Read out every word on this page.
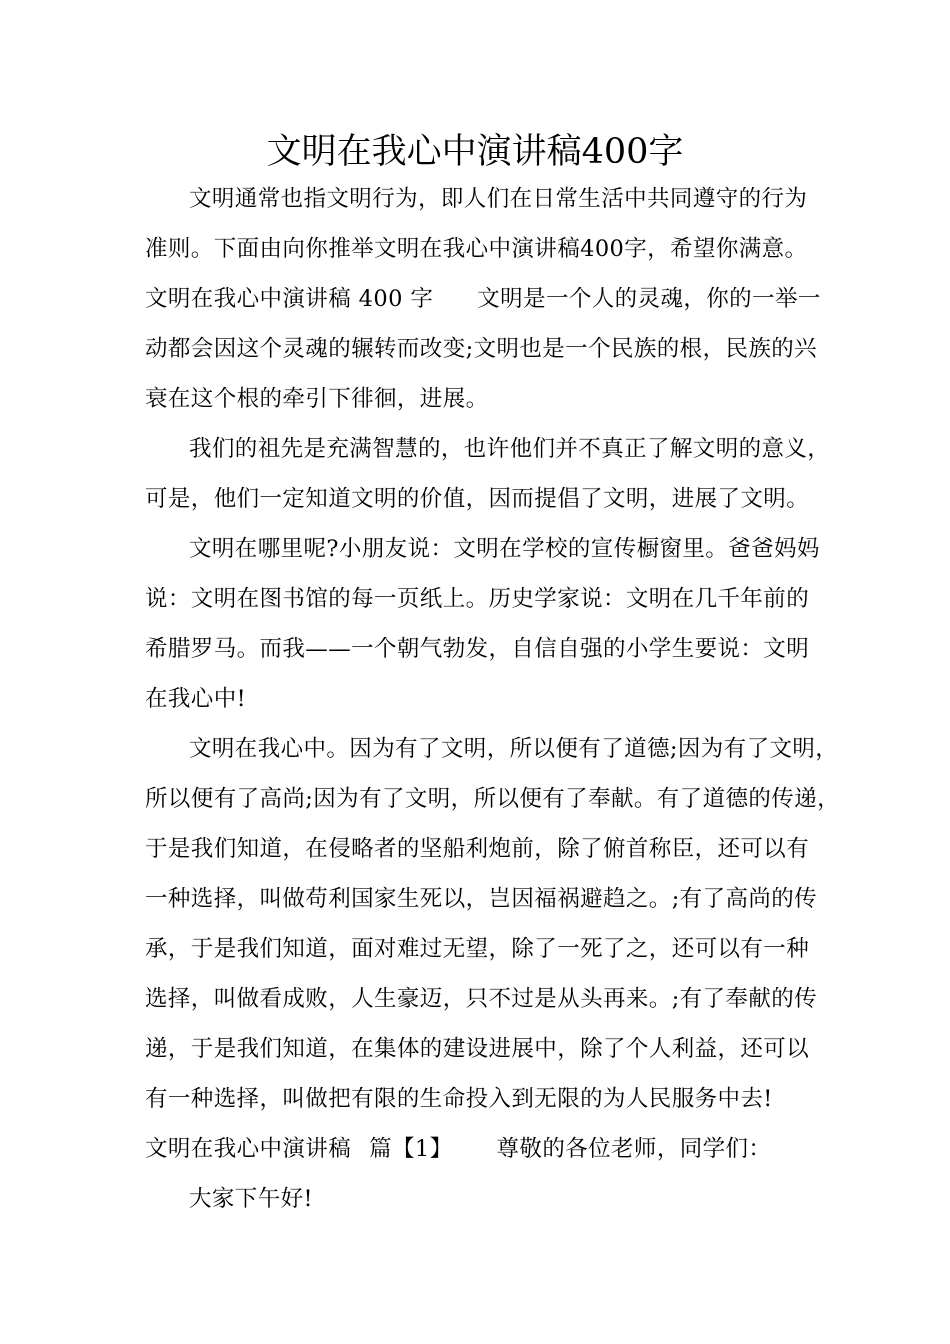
文明在我心中演讲稿400字
文明通常也指文明行为，即人们在日常生活中共同遵守的行为
准则。下面由向你推举文明在我心中演讲稿400字，希望你满意。
文明在我心中演讲稿 400 字 文明是一个人的灵魂，你的一举一
动都会因这个灵魂的辗转而改变;文明也是一个民族的根，民族的兴
衰在这个根的牵引下徘徊，进展。
我们的祖先是充满智慧的，也许他们并不真正了解文明的意义，
可是，他们一定知道文明的价值，因而提倡了文明，进展了文明。
文明在哪里呢?小朋友说：文明在学校的宣传橱窗里。爸爸妈妈
说：文明在图书馆的每一页纸上。历史学家说：文明在几千年前的
希腊罗马。而我——一个朝气勃发，自信自强的小学生要说：文明
在我心中!
文明在我心中。因为有了文明，所以便有了道德;因为有了文明，
所以便有了高尚;因为有了文明，所以便有了奉献。有了道德的传递，
于是我们知道，在侵略者的坚船利炮前，除了俯首称臣，还可以有
一种选择，叫做苟利国家生死以，岂因福祸避趋之。;有了高尚的传
承，于是我们知道，面对难过无望，除了一死了之，还可以有一种
选择，叫做看成败，人生豪迈，只不过是从头再来。;有了奉献的传
递，于是我们知道，在集体的建设进展中，除了个人利益，还可以
有一种选择，叫做把有限的生命投入到无限的为人民服务中去!
文明在我心中演讲稿 篇【1】 尊敬的各位老师，同学们：
大家下午好!
